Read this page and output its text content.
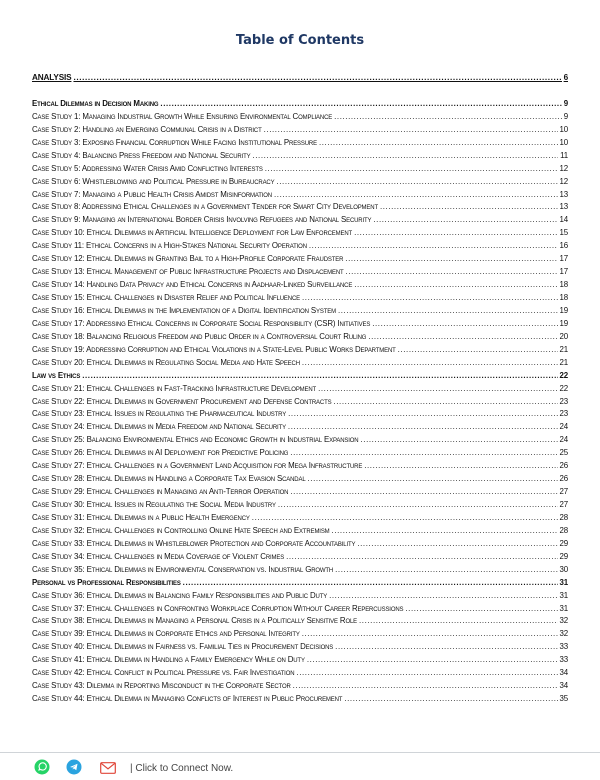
Table of Contents
ANALYSIS .....	6
Ethical Dilemmas in Decision Making .....	9
Case Study 1: Managing Industrial Growth While Ensuring Environmental Compliance .....	9
Case Study 2: Handling an Emerging Communal Crisis in a District .....	10
Case Study 3: Exposing Financial Corruption While Facing Institutional Pressure .....	10
Case Study 4: Balancing Press Freedom and National Security .....	11
Case Study 5: Addressing Water Crisis Amid Conflicting Interests .....	12
Case Study 6: Whistleblowing and Political Pressure in Bureaucracy .....	12
Case Study 7: Managing a Public Health Crisis Amidst Misinformation .....	13
Case Study 8: Addressing Ethical Challenges in a Government Tender for Smart City Development .....	13
Case Study 9: Managing an International Border Crisis Involving Refugees and National Security .....	14
Case Study 10: Ethical Dilemmas in Artificial Intelligence Deployment for Law Enforcement .....	15
Case Study 11: Ethical Concerns in a High-Stakes National Security Operation .....	16
Case Study 12: Ethical Dilemmas in Granting Bail to a High-Profile Corporate Fraudster .....	17
Case Study 13: Ethical Management of Public Infrastructure Projects and Displacement .....	17
Case Study 14: Handling Data Privacy and Ethical Concerns in Aadhaar-Linked Surveillance .....	18
Case Study 15: Ethical Challenges in Disaster Relief and Political Influence .....	18
Case Study 16: Ethical Dilemmas in the Implementation of a Digital Identification System .....	19
Case Study 17: Addressing Ethical Concerns in Corporate Social Responsibility (CSR) Initiatives .....	19
Case Study 18: Balancing Religious Freedom and Public Order in a Controversial Court Ruling .....	20
Case Study 19: Addressing Corruption and Ethical Violations in a State-Level Public Works Department .....	21
Case Study 20: Ethical Dilemmas in Regulating Social Media and Hate Speech .....	21
Law vs Ethics .....	22
Case Study 21: Ethical Challenges in Fast-Tracking Infrastructure Development .....	22
Case Study 22: Ethical Dilemmas in Government Procurement and Defense Contracts .....	23
Case Study 23: Ethical Issues in Regulating the Pharmaceutical Industry .....	23
Case Study 24: Ethical Dilemmas in Media Freedom and National Security .....	24
Case Study 25: Balancing Environmental Ethics and Economic Growth in Industrial Expansion .....	24
Case Study 26: Ethical Dilemmas in AI Deployment for Predictive Policing .....	25
Case Study 27: Ethical Challenges in a Government Land Acquisition for Mega Infrastructure .....	26
Case Study 28: Ethical Dilemmas in Handling a Corporate Tax Evasion Scandal .....	26
Case Study 29: Ethical Challenges in Managing an Anti-Terror Operation .....	27
Case Study 30: Ethical Issues in Regulating the Social Media Industry .....	27
Case Study 31: Ethical Dilemmas in a Public Health Emergency .....	28
Case Study 32: Ethical Challenges in Controlling Online Hate Speech and Extremism .....	28
Case Study 33: Ethical Dilemmas in Whistleblower Protection and Corporate Accountability .....	29
Case Study 34: Ethical Challenges in Media Coverage of Violent Crimes .....	29
Case Study 35: Ethical Dilemmas in Environmental Conservation vs. Industrial Growth .....	30
Personal vs Professional Responsibilities .....	31
Case Study 36: Ethical Dilemmas in Balancing Family Responsibilities and Public Duty .....	31
Case Study 37: Ethical Challenges in Confronting Workplace Corruption Without Career Repercussions .....	31
Case Study 38: Ethical Dilemmas in Managing a Personal Crisis in a Politically Sensitive Role .....	32
Case Study 39: Ethical Dilemmas in Corporate Ethics and Personal Integrity .....	32
Case Study 40: Ethical Dilemmas in Fairness vs. Familial Ties in Procurement Decisions .....	33
Case Study 41: Ethical Dilemma in Handling a Family Emergency While on Duty .....	33
Case Study 42: Ethical Conflict in Political Pressure vs. Fair Investigation .....	34
Case Study 43: Dilemma in Reporting Misconduct in the Corporate Sector .....	34
Case Study 44: Ethical Dilemma in Managing Conflicts of Interest in Public Procurement .....	35
| Click to Connect Now.
